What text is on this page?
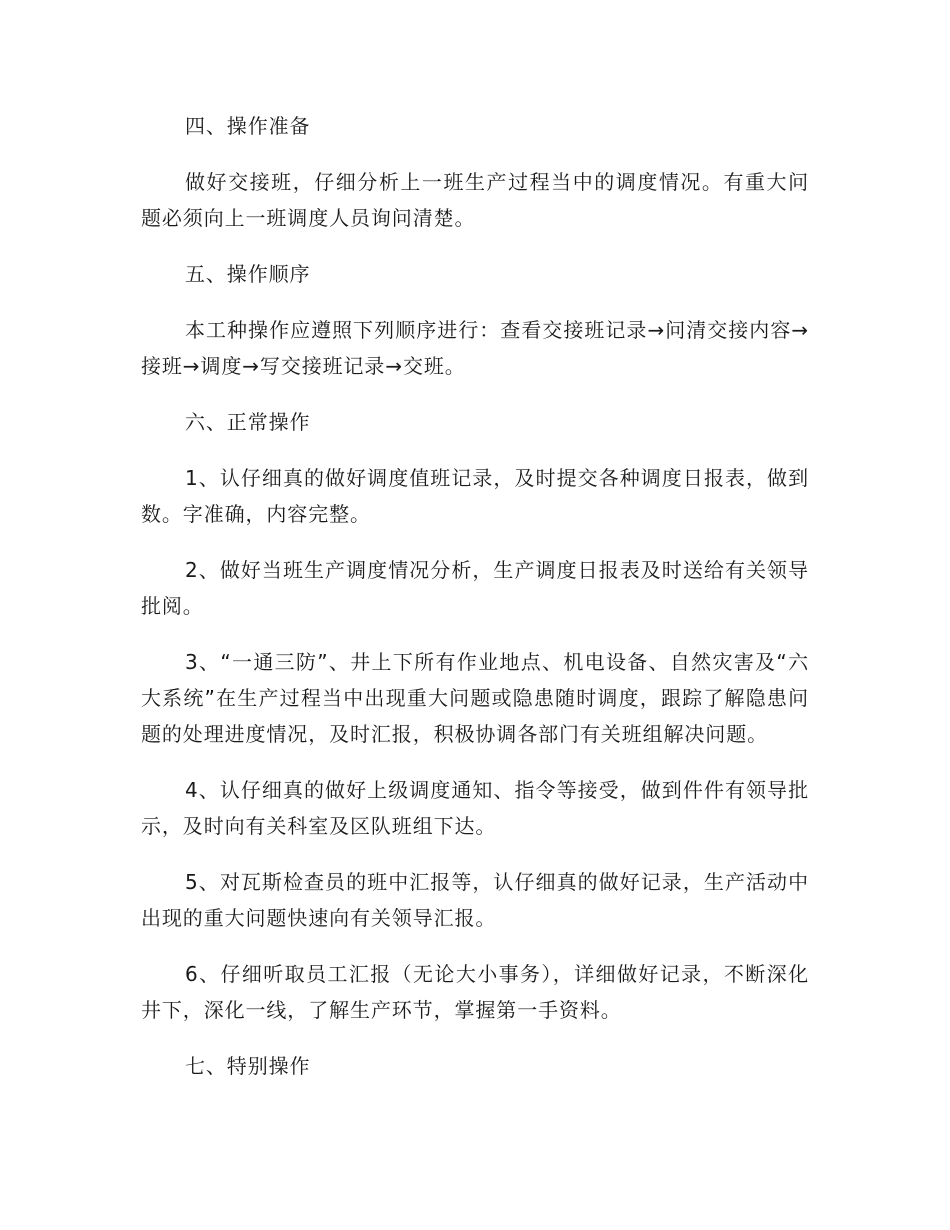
四、操作准备

做好交接班，仔细分析上一班生产过程当中的调度情况。有重大问题必须向上一班调度人员询问清楚。

五、操作顺序

本工种操作应遵照下列顺序进行：查看交接班记录→问清交接内容→接班→调度→写交接班记录→交班。

六、正常操作

1、认仔细真的做好调度值班记录，及时提交各种调度日报表，做到数。字准确，内容完整。

2、做好当班生产调度情况分析，生产调度日报表及时送给有关领导批阅。

3、“一通三防”、井上下所有作业地点、机电设备、自然灾害及“六大系统”在生产过程当中出现重大问题或隐患随时调度，跟踪了解隐患问题的处理进度情况，及时汇报，积极协调各部门有关班组解决问题。

4、认仔细真的做好上级调度通知、指令等接受，做到件件有领导批示，及时向有关科室及区队班组下达。

5、对瓦斯检查员的班中汇报等，认仔细真的做好记录，生产活动中出现的重大问题快速向有关领导汇报。

6、仔细听取员工汇报（无论大小事务），详细做好记录，不断深化井下，深化一线，了解生产环节，掌握第一手资料。

七、特别操作
